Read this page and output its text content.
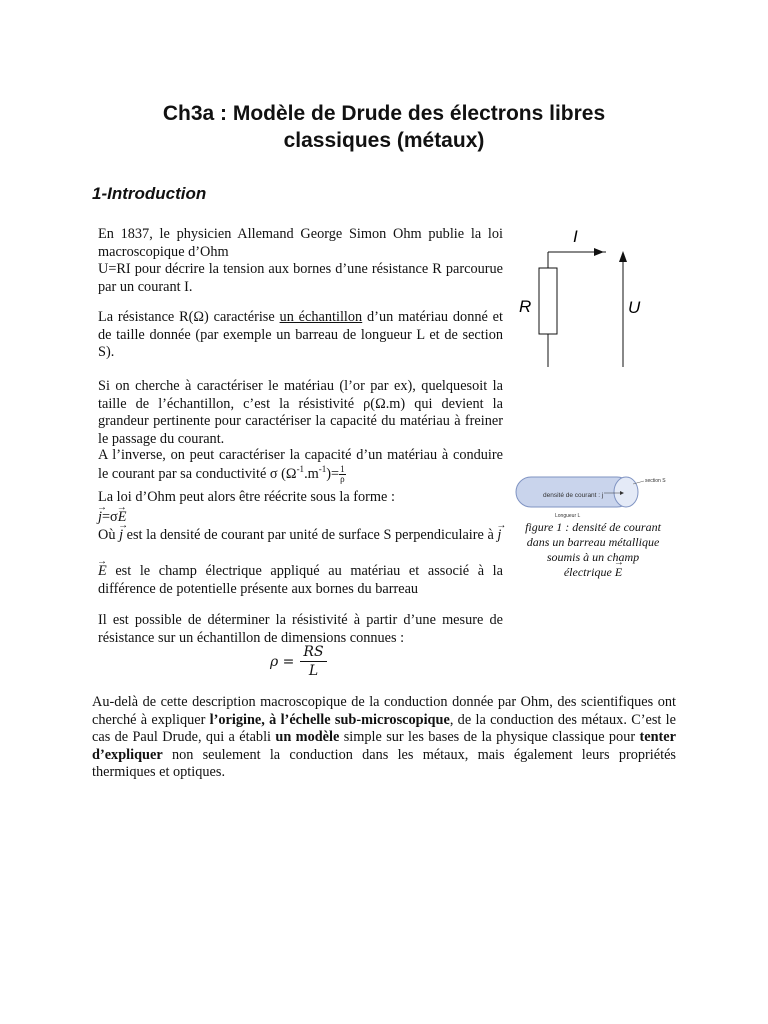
Ch3a : Modèle de Drude des électrons libres
classiques (métaux)
1-Introduction

En 1837, le physicien Allemand George Simon Ohm publie la loi macroscopique d’Ohm
U=RI pour décrire la tension aux bornes d’une résistance R parcourue par un courant I.

La résistance R(Ω) caractérise un échantillon d’un matériau donné et de taille donnée (par exemple un barreau de longueur L et de section S).

Si on cherche à caractériser le matériau (l’or par ex), quelquesoit la taille de l’échantillon, c’est la résistivité ρ(Ω.m) qui devient la grandeur pertinente pour caractériser la capacité du matériau à freiner le passage du courant.

A l’inverse, on peut caractériser la capacité d’un matériau à conduire le courant par sa conductivité σ $(\Omega^{-1}.m^{-1})= \frac{1}{\rho}$

La loi d’Ohm peut alors être réécrite sous la forme :

→ j=σ→ E

Où → j est la densité de courant par unité de surface S perpendiculaire à → j

→ E est le champ électrique appliqué au matériau et associé à la différence de potentielle présente aux bornes du barreau

Il est possible de déterminer la résistivité à partir d’une mesure de résistance sur un échantillon de dimensions connues :

$\rho = \frac{RS}{L}$

Au-delà de cette description macroscopique de la conduction donnée par Ohm, des scientifiques ont cherché à expliquer l’origine, à l’échelle sub-microscopique, de la conduction des métaux. C’est le cas de Paul Drude, qui a établi un modèle simple sur les bases de la physique classique pour tenter d’expliquer non seulement la conduction dans les métaux, mais également leurs propriétés thermiques et optiques.

I
R	U
densité de courant : j
section S
Longueur L
figure 1 : densité de courant
dans un barreau métallique
soumis à un champ
électrique → E
